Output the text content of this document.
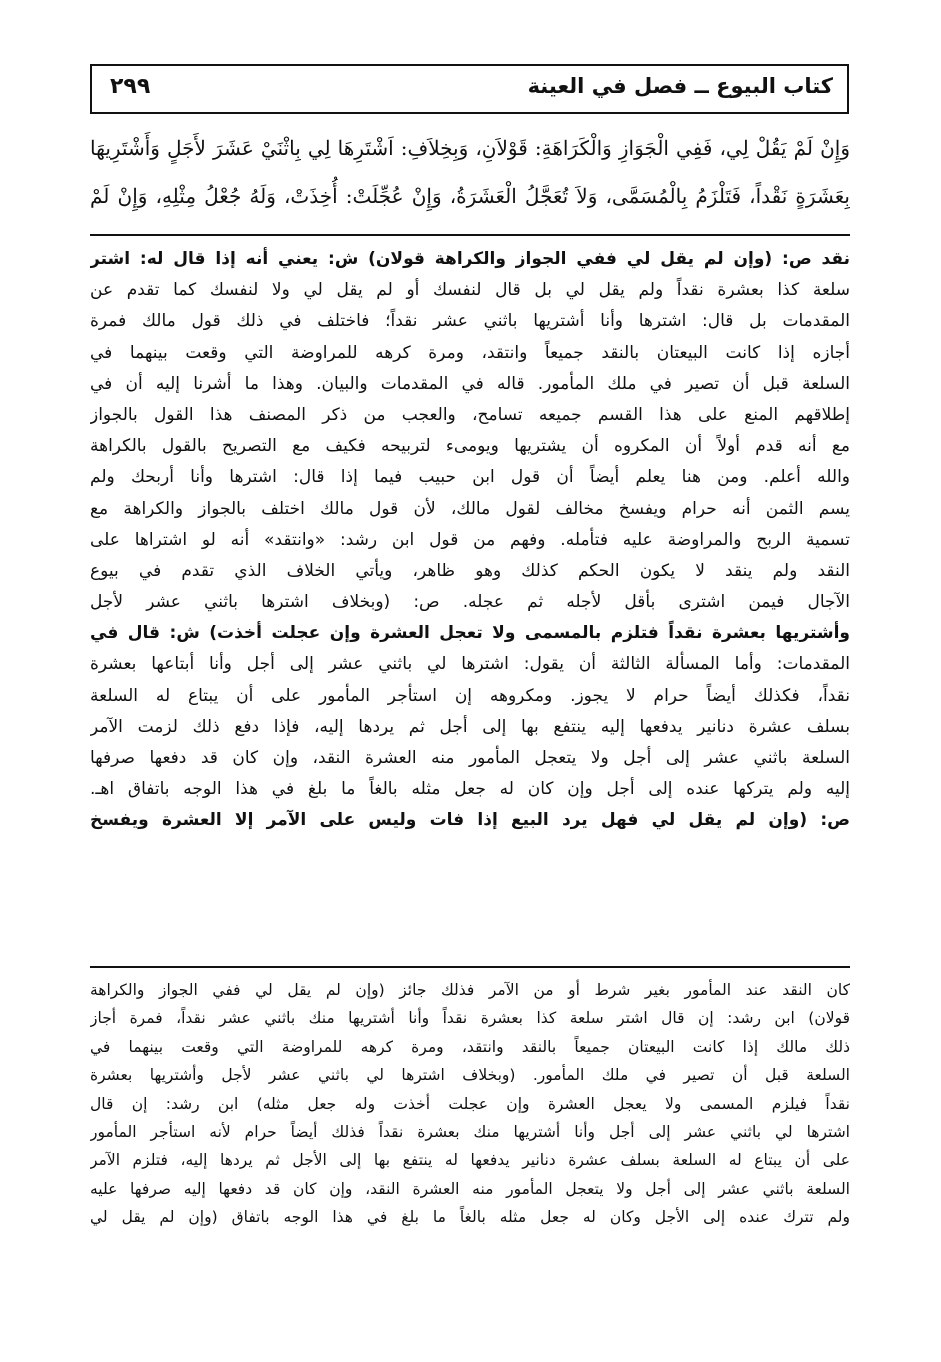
كتاب البيوع ــ فصل في العينة
٢٩٩
وَإِنْ لَمْ يَقُلْ لِي، فَفِي الْجَوَازِ وَالْكَرَاهَةِ: قَوْلاَنِ، وَبِخِلاَفِ: اَشْتَرِهَا لِي بِاثْنَيْ عَشَرَ لأَجَلٍ وَأَشْتَرِيهَا
بِعَشَرَةٍ نَقْداً، فَتَلْزَمُ بِالْمُسَمَّى، وَلاَ تُعَجَّلُ الْعَشَرَةُ، وَإِنْ عُجِّلَتْ: أُخِذَتْ، وَلَهُ جُعْلُ مِثْلِهِ، وَإِنْ لَمْ
نقد ص: (وإن لم يقل لي ففي الجواز والكراهة قولان) ش: يعني أنه إذا قال له: اشتر
سلعة كذا بعشرة نقداً ولم يقل لي بل قال لنفسك أو لم يقل لي ولا لنفسك كما تقدم عن
المقدمات بل قال: اشترها وأنا أشتريها باثني عشر نقداً؛ فاختلف في ذلك قول مالك فمرة
أجازه إذا كانت البيعتان بالنقد جميعاً وانتقد، ومرة كرهه للمراوضة التي وقعت بينهما في
السلعة قبل أن تصير في ملك المأمور. قاله في المقدمات والبيان. وهذا ما أشرنا إليه أن في
إطلاقهم المنع على هذا القسم جميعه تسامح، والعجب من ذكر المصنف هذا القول بالجواز
مع أنه قدم أولاً أن المكروه أن يشتريها ويومىء لتربيحه فكيف مع التصريح بالقول بالكراهة
والله أعلم. ومن هنا يعلم أيضاً أن قول ابن حبيب فيما إذا قال: اشترها وأنا أربحك ولم
يسم الثمن أنه حرام ويفسخ مخالف لقول مالك، لأن قول مالك اختلف بالجواز والكراهة مع
تسمية الربح والمراوضة عليه فتأمله. وفهم من قول ابن رشد: «وانتقد» أنه لو اشتراها على
النقد ولم ينقد لا يكون الحكم كذلك وهو ظاهر، ويأتي الخلاف الذي تقدم في بيوع
الآجال فيمن اشترى بأقل لأجله ثم عجله. ص: (وبخلاف اشترها باثني عشر لأجل
وأشتريها بعشرة نقداً فتلزم بالمسمى ولا تعجل العشرة وإن عجلت أخذت) ش: قال في
المقدمات: وأما المسألة الثالثة أن يقول: اشترها لي باثني عشر إلى أجل وأنا أبتاعها بعشرة
نقداً، فكذلك أيضاً حرام لا يجوز. ومكروهه إن استأجر المأمور على أن يبتاع له السلعة
بسلف عشرة دنانير يدفعها إليه ينتفع بها إلى أجل ثم يردها إليه، فإذا دفع ذلك لزمت الآمر
السلعة باثني عشر إلى أجل ولا يتعجل المأمور منه العشرة النقد، وإن كان قد دفعها صرفها
إليه ولم يتركها عنده إلى أجل وإن كان له جعل مثله بالغاً ما بلغ في هذا الوجه باتفاق اهـ.
ص: (وإن لم يقل لي فهل يرد البيع إذا فات وليس على الآمر إلا العشرة ويفسخ
كان النقد عند المأمور بغير شرط أو من الآمر فذلك جائز (وإن لم يقل لي ففي الجواز والكراهة
قولان) ابن رشد: إن قال اشتر سلعة كذا بعشرة نقداً وأنا أشتريها منك باثني عشر نقداً، فمرة أجاز
ذلك مالك إذا كانت البيعتان جميعاً بالنقد وانتقد، ومرة كرهه للمراوضة التي وقعت بينهما في
السلعة قبل أن تصير في ملك المأمور. (وبخلاف اشترها لي باثني عشر لأجل وأشتريها بعشرة
نقداً فيلزم المسمى ولا يعجل العشرة وإن عجلت أخذت وله جعل مثله) ابن رشد: إن قال
اشترها لي باثني عشر إلى أجل وأنا أشتريها منك بعشرة نقداً فذلك أيضاً حرام لأنه استأجر المأمور
على أن يبتاع له السلعة بسلف عشرة دنانير يدفعها له ينتفع بها إلى الأجل ثم يردها إليه، فتلزم الآمر
السلعة باثني عشر إلى أجل ولا يتعجل المأمور منه العشرة النقد، وإن كان قد دفعها إليه صرفها عليه
ولم تترك عنده إلى الأجل وكان له جعل مثله بالغاً ما بلغ في هذا الوجه باتفاق (وإن لم يقل لي
